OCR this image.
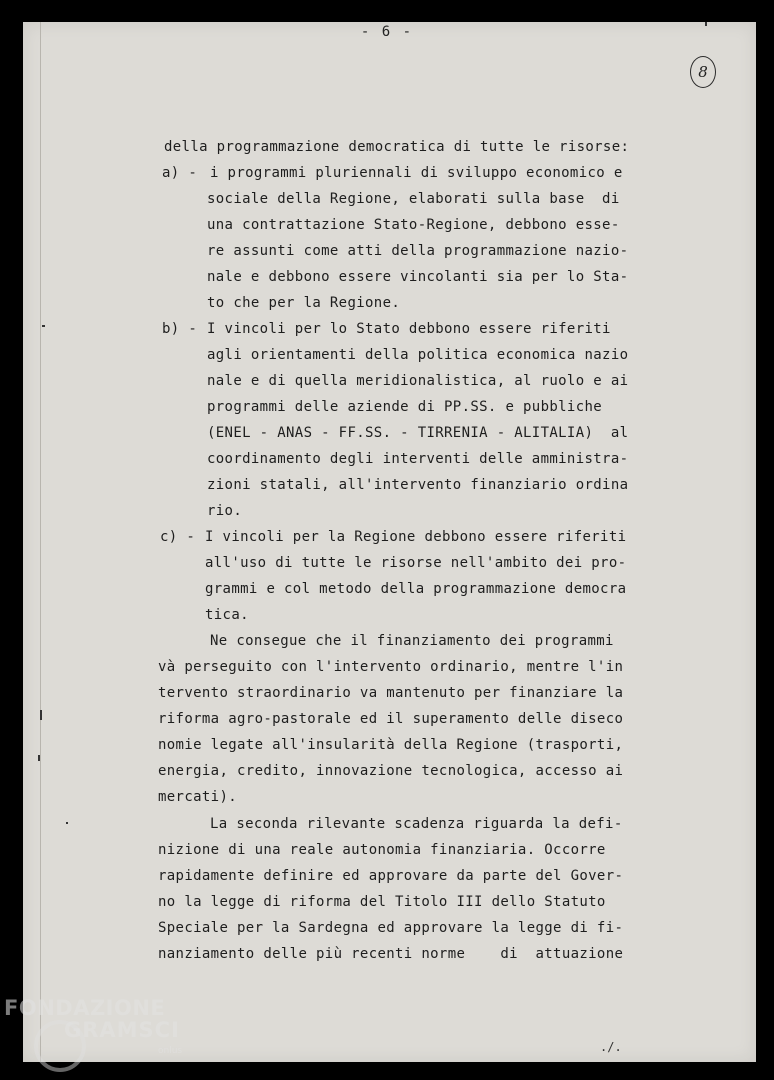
- 6 -
8
della programmazione democratica di tutte le risorse:
a) - i programmi pluriennali di sviluppo economico e
sociale della Regione, elaborati sulla base  di
una contrattazione Stato-Regione, debbono esse-
re assunti come atti della programmazione nazio-
nale e debbono essere vincolanti sia per lo Sta-
to che per la Regione.
b) - I vincoli per lo Stato debbono essere riferiti
agli orientamenti della politica economica nazio
nale e di quella meridionalistica, al ruolo e ai
programmi delle aziende di PP.SS. e pubbliche
(ENEL - ANAS - FF.SS. - TIRRENIA - ALITALIA)  al
coordinamento degli interventi delle amministra-
zioni statali, all'intervento finanziario ordina
rio.
c) - I vincoli per la Regione debbono essere riferiti
all'uso di tutte le risorse nell'ambito dei pro-
grammi e col metodo della programmazione democra
tica.
Ne consegue che il finanziamento dei programmi
và perseguito con l'intervento ordinario, mentre l'in
tervento straordinario va mantenuto per finanziare la
riforma agro-pastorale ed il superamento delle diseco
nomie legate all'insularità della Regione (trasporti,
energia, credito, innovazione tecnologica, accesso ai
mercati).
La seconda rilevante scadenza riguarda la defi-
nizione di una reale autonomia finanziaria. Occorre
rapidamente definire ed approvare da parte del Gover-
no la legge di riforma del Titolo III dello Statuto
Speciale per la Sardegna ed approvare la legge di fi-
nanziamento delle più recenti norme    di  attuazione
./.
FONDAZIONE
GRAMSCI
onlus
